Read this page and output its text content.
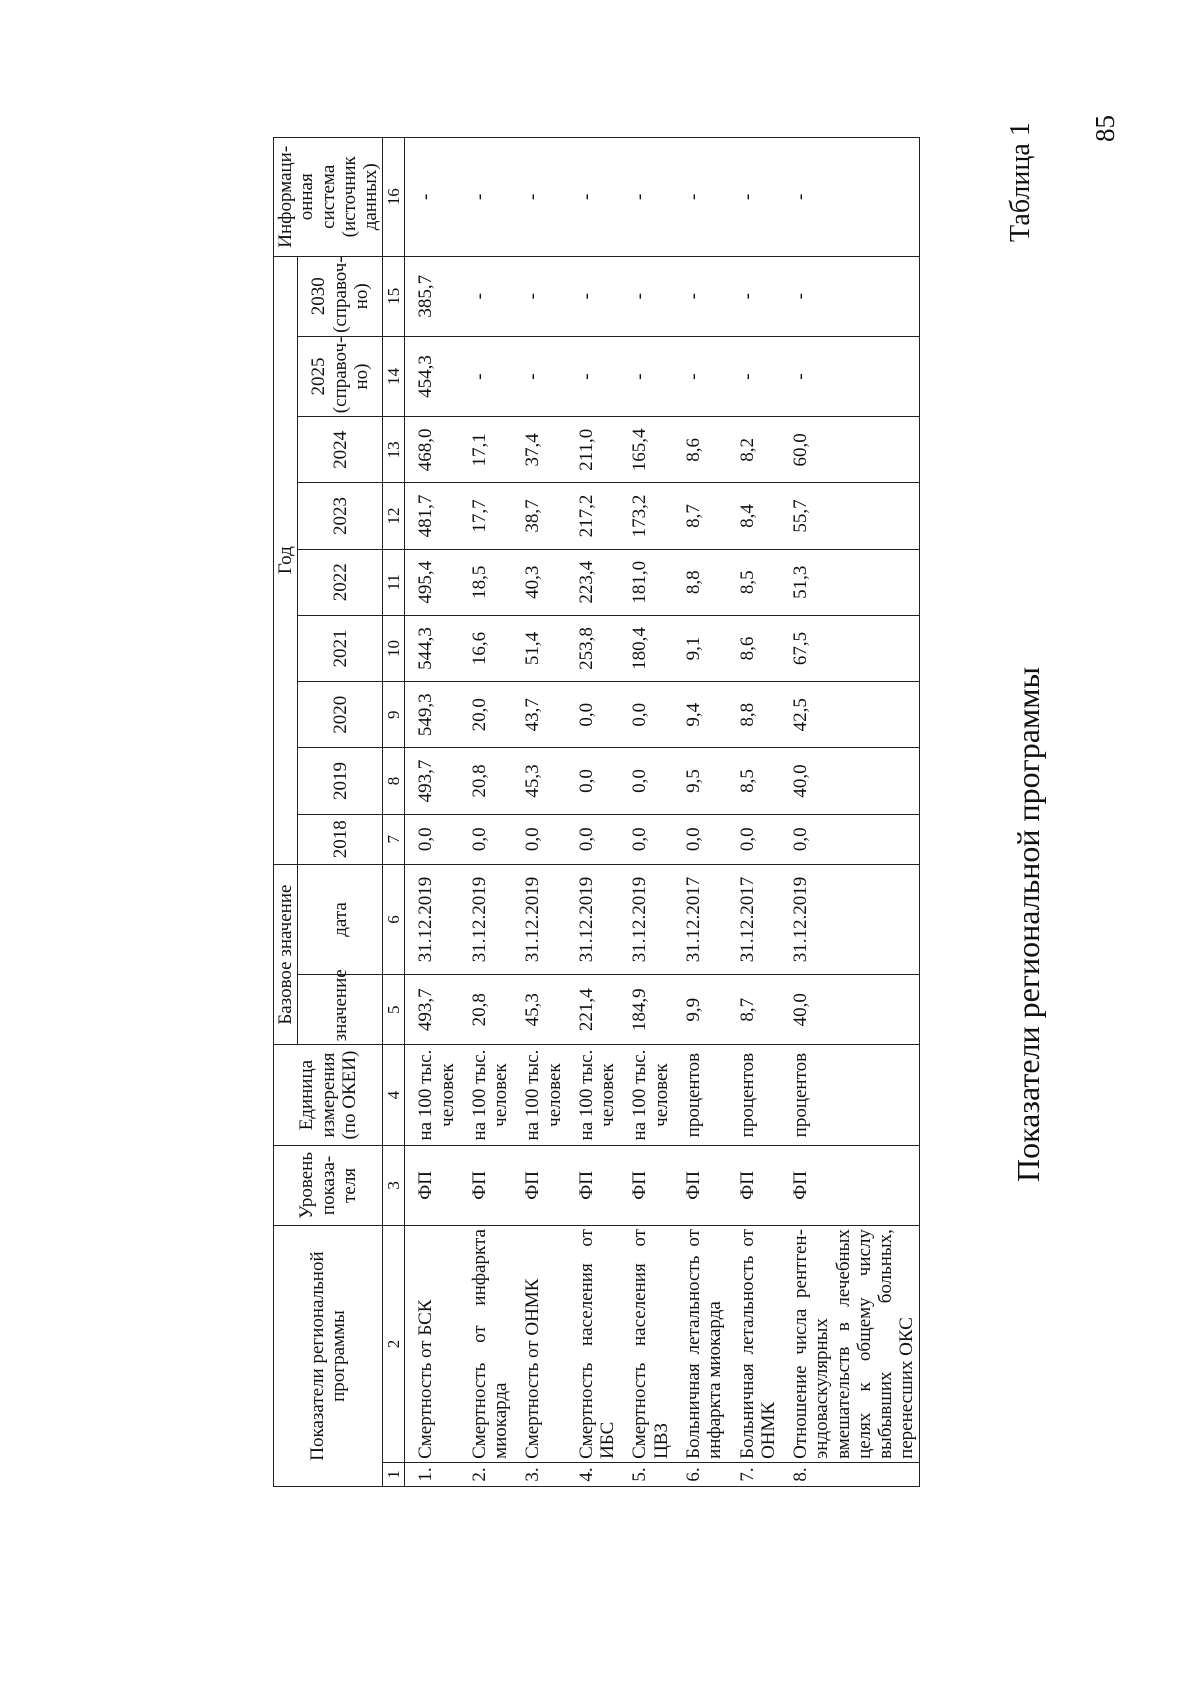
85
Таблица 1
Показатели региональной программы
Показатели региональной программы		Уровень показа-теля	Единица измерения (по ОКЕИ)	Базовое значение		Год									Информаци-онная система (источник данных)
				значение	дата	2018	2019	2020	2021	2022	2023	2024	2025 (справоч-но)	2030 (справоч-но)	

1	2	3	4	5	6	7	8	9	10	11	12	13	14	15	16
1.	Смертность от БСК	ФП	на 100 тыс. человек	493,7	31.12.2019	0,0	493,7	549,3	544,3	495,4	481,7	468,0	454,3	385,7	-
2.	Смертность от инфаркта миокарда	ФП	на 100 тыс. человек	20,8	31.12.2019	0,0	20,8	20,0	16,6	18,5	17,7	17,1	-	-	-
3.	Смертность от ОНМК	ФП	на 100 тыс. человек	45,3	31.12.2019	0,0	45,3	43,7	51,4	40,3	38,7	37,4	-	-	-
4.	Смертность населения от ИБС	ФП	на 100 тыс. человек	221,4	31.12.2019	0,0	0,0	0,0	253,8	223,4	217,2	211,0	-	-	-
5.	Смертность населения от ЦВЗ	ФП	на 100 тыс. человек	184,9	31.12.2019	0,0	0,0	0,0	180,4	181,0	173,2	165,4	-	-	-
6.	Больничная летальность от инфаркта миокарда	ФП	процентов	9,9	31.12.2017	0,0	9,5	9,4	9,1	8,8	8,7	8,6	-	-	-
7.	Больничная летальность от ОНМК	ФП	процентов	8,7	31.12.2017	0,0	8,5	8,8	8,6	8,5	8,4	8,2	-	-	-
8.	Отношение числа рентген-эндоваскулярных вмешательств в лечебных целях к общему числу выбывших больных, перенесших ОКС	ФП	процентов	40,0	31.12.2019	0,0	40,0	42,5	67,5	51,3	55,7	60,0	-	-	-
